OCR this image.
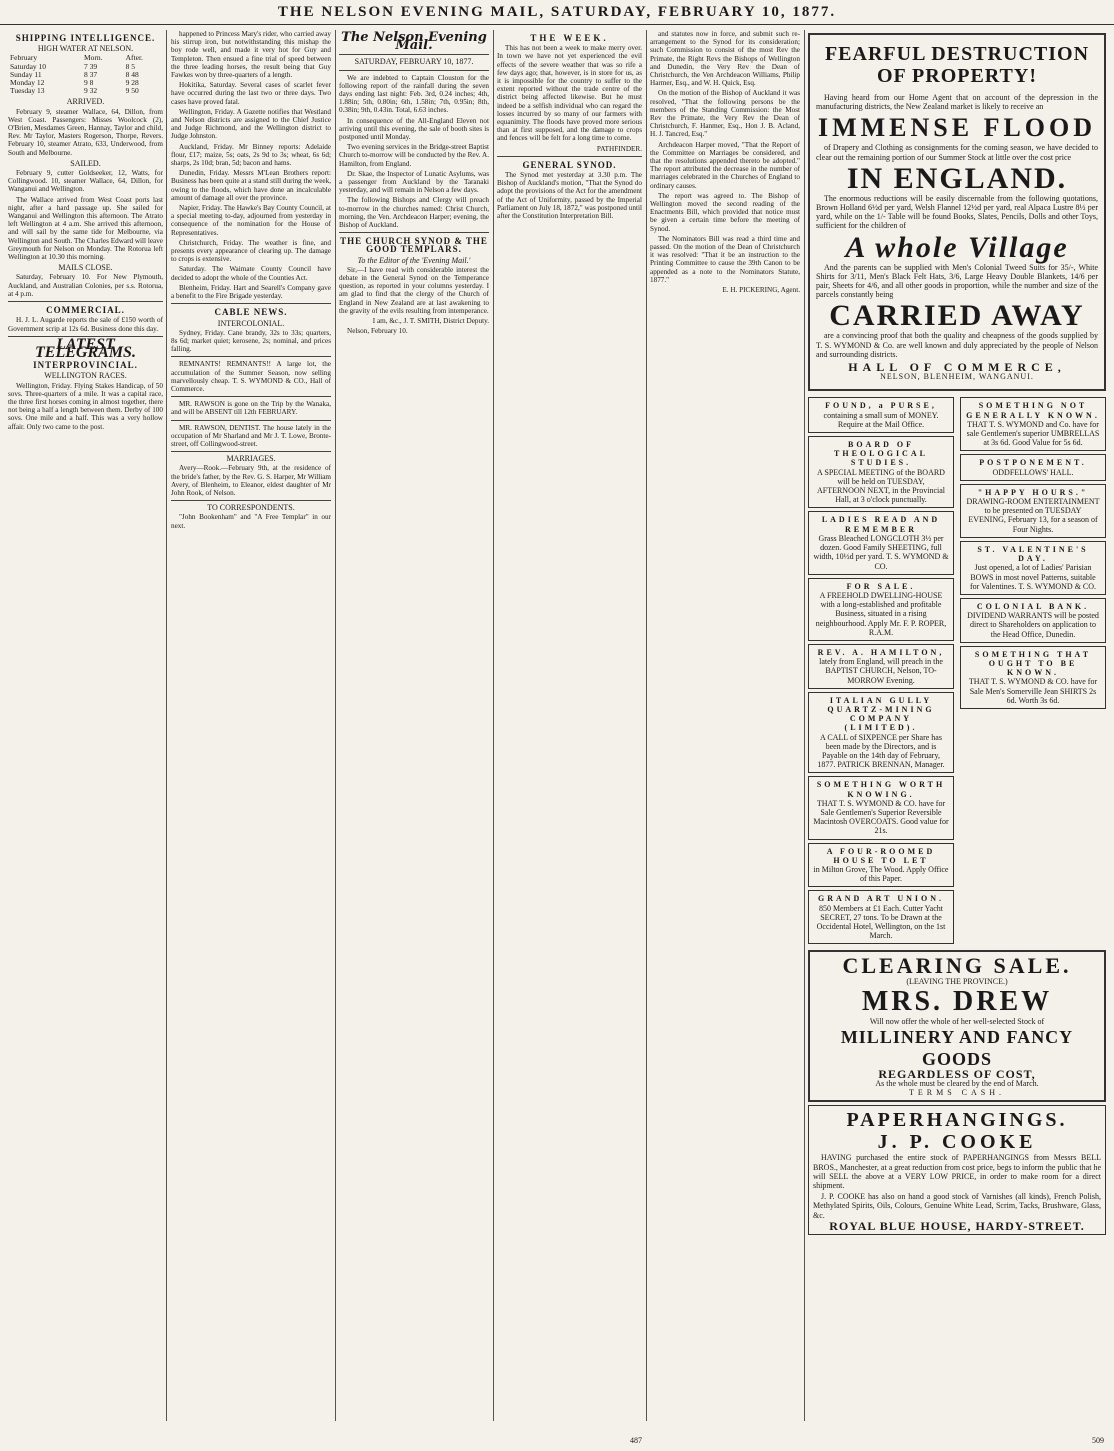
THE NELSON EVENING MAIL, SATURDAY, FEBRUARY 10, 1877.
SHIPPING INTELLIGENCE.
HIGH WATER AT NELSON.
February	Morn.	After.
Saturday 10	7 39	8 5
Sunday 11	8 37	8 48
Monday 12	9 8	9 28
Tuesday 13	9 32	9 50
ARRIVED.

February 9, steamer Wallace, 64, Dillon, from West Coast. Passengers: Misses Woolcock (2), O'Brien, Mesdames Green, Hannay, Taylor and child, Rev. Mr Taylor, Masters Rogerson, Thorpe, Revers. February 10, steamer Atrato, 633, Underwood, from South and Melbourne.

SAILED.

February 9, cutter Goldseeker, 12, Watts, for Collingwood. 10, steamer Wallace, 64, Dillon, for Wanganui and Wellington.

The Wallace arrived from West Coast ports last night, after a hard passage up. She sailed for Wanganui and Wellington this afternoon. The Atrato left Wellington at 4 a.m. She arrived this afternoon, and will sail by the same tide for Melbourne, via Wellington and South. The Charles Edward will leave Greymouth for Nelson on Monday. The Rotorua left Wellington at 10.30 this morning.

MAILS CLOSE.

Saturday, February 10. For New Plymouth, Auckland, and Australian Colonies, per s.s. Rotorua, at 4 p.m.

COMMERCIAL.

H. J. L. Augarde reports the sale of £150 worth of Government scrip at 12s 6d. Business done this day.

LATEST TELEGRAMS.
INTERPROVINCIAL.
WELLINGTON RACES.

Wellington, Friday. Flying Stakes Handicap, of 50 sovs. Three-quarters of a mile. It was a capital race, the three first horses coming in almost together, there not being a half a length between them. Derby of 100 sovs. One mile and a half. This was a very hollow affair. Only two came to the post.

happened to Princess Mary's rider, who carried away his stirrup iron, but notwithstanding this mishap the boy rode well, and made it very hot for Guy and Templeton. Then ensued a fine trial of speed between the three leading horses, the result being that Guy Fawkes won by three-quarters of a length.

Hokitika, Saturday. Several cases of scarlet fever have occurred during the last two or three days. Two cases have proved fatal.

Wellington, Friday. A Gazette notifies that Westland and Nelson districts are assigned to the Chief Justice and Judge Richmond, and the Wellington district to Judge Johnston.

Auckland, Friday. Mr Binney reports: Adelaide flour, £17; maize, 5s; oats, 2s 9d to 3s; wheat, 6s 6d; sharps, 2s 10d; bran, 5d; bacon and hams.

Dunedin, Friday. Messrs M'Lean Brothers report: Business has been quite at a stand still during the week, owing to the floods, which have done an incalculable amount of damage all over the province.

Napier, Friday. The Hawke's Bay County Council, at a special meeting to-day, adjourned from yesterday in consequence of the nomination for the House of Representatives.

Christchurch, Friday. The weather is fine, and presents every appearance of clearing up. The damage to crops is extensive.

Saturday. The Waimate County Council have decided to adopt the whole of the Counties Act.

Blenheim, Friday. Hart and Searell's Company gave a benefit to the Fire Brigade yesterday.

CABLE NEWS.
INTERCOLONIAL.

Sydney, Friday. Cane brandy, 32s to 33s; quarters, 8s 6d; market quiet; kerosene, 2s; nominal, and prices falling.

REMNANTS! REMNANTS!! A large lot, the accumulation of the Summer Season, now selling marvellously cheap. T. S. WYMOND & CO., Hall of Commerce.

MR. RAWSON is gone on the Trip by the Wanaka, and will be ABSENT till 12th FEBRUARY.

MR. RAWSON, DENTIST. The house lately in the occupation of Mr Sharland and Mr J. T. Lowe, Bronte-street, off Collingwood-street.

MARRIAGES.

Avery—Rook.—February 9th, at the residence of the bride's father, by the Rev. G. S. Harper, Mr William Avery, of Blenheim, to Eleanor, eldest daughter of Mr John Rook, of Nelson.

TO CORRESPONDENTS.

"John Bookenham" and "A Free Templar" in our next.

The Nelson Evening Mail.
SATURDAY, FEBRUARY 10, 1877.

We are indebted to Captain Clouston for the following report of the rainfall during the seven days ending last night: Feb. 3rd, 0.24 inches; 4th, 1.88in; 5th, 0.80in; 6th, 1.58in; 7th, 0.95in; 8th, 0.38in; 9th, 0.43in. Total, 6.63 inches.

In consequence of the All-England Eleven not arriving until this evening, the sale of booth sites is postponed until Monday.

Two evening services in the Bridge-street Baptist Church to-morrow will be conducted by the Rev. A. Hamilton, from England.

Dr. Skae, the Inspector of Lunatic Asylums, was a passenger from Auckland by the Taranaki yesterday, and will remain in Nelson a few days.

The following Bishops and Clergy will preach to-morrow in the churches named: Christ Church, morning, the Ven. Archdeacon Harper; evening, the Bishop of Auckland.

THE CHURCH SYNOD & THE GOOD TEMPLARS.
To the Editor of the 'Evening Mail.'

Sir,—I have read with considerable interest the debate in the General Synod on the Temperance question, as reported in your columns yesterday. I am glad to find that the clergy of the Church of England in New Zealand are at last awakening to the gravity of the evils resulting from intemperance.

I am, &c., J. T. SMITH, District Deputy.

Nelson, February 10.

THE WEEK.

This has not been a week to make merry over. In town we have not yet experienced the evil effects of the severe weather that was so rife a few days ago; that, however, is in store for us, as it is impossible for the country to suffer to the extent reported without the trade centre of the district being affected likewise. But he must indeed be a selfish individual who can regard the losses incurred by so many of our farmers with equanimity. The floods have proved more serious than at first supposed, and the damage to crops and fences will be felt for a long time to come.

PATHFINDER.

GENERAL SYNOD.

The Synod met yesterday at 3.30 p.m. The Bishop of Auckland's motion, "That the Synod do adopt the provisions of the Act for the amendment of the Act of Uniformity, passed by the Imperial Parliament on July 18, 1872," was postponed until after the Constitution Interpretation Bill.

and statutes now in force, and submit such re-arrangement to the Synod for its consideration; such Commission to consist of the most Rev the Primate, the Right Revs the Bishops of Wellington and Dunedin, the Very Rev the Dean of Christchurch, the Ven Archdeacon Williams, Philip Harmer, Esq., and W. H. Quick, Esq.

On the motion of the Bishop of Auckland it was resolved, "That the following persons be the members of the Standing Commission: the Most Rev the Primate, the Very Rev the Dean of Christchurch, F. Hanmer, Esq., Hon J. B. Acland, H. J. Tancred, Esq."

Archdeacon Harper moved, "That the Report of the Committee on Marriages be considered, and that the resolutions appended thereto be adopted." The report attributed the decrease in the number of marriages celebrated in the Churches of England to ordinary causes.

The report was agreed to. The Bishop of Wellington moved the second reading of the Enactments Bill, which provided that notice must be given a certain time before the meeting of Synod.

The Nominators Bill was read a third time and passed. On the motion of the Dean of Christchurch it was resolved: "That it be an instruction to the Printing Committee to cause the 39th Canon to be appended as a note to the Nominators Statute, 1877."

E. H. PICKERING, Agent.

FEARFUL DESTRUCTION
OF PROPERTY!

Having heard from our Home Agent that on account of the depression in the manufacturing districts, the New Zealand market is likely to receive an

IMMENSE FLOOD

of Drapery and Clothing as consignments for the coming season, we have decided to clear out the remaining portion of our Summer Stock at little over the cost price

IN ENGLAND.

The enormous reductions will be easily discernable from the following quotations, Brown Holland 6½d per yard, Welsh Flannel 12½d per yard, real Alpaca Lustre 8½ per yard, while on the 1/- Table will be found Books, Slates, Pencils, Dolls and other Toys, sufficient for the children of

A whole Village

And the parents can be supplied with Men's Colonial Tweed Suits for 35/-, White Shirts for 3/11, Men's Black Felt Hats, 3/6, Large Heavy Double Blankets, 14/6 per pair, Sheets for 4/6, and all other goods in proportion, while the number and size of the parcels constantly being

CARRIED AWAY

are a convincing proof that both the quality and cheapness of the goods supplied by T. S. WYMOND & Co. are well known and duly appreciated by the people of Nelson and surrounding districts.

HALL OF COMMERCE,
NELSON, BLENHEIM, WANGANUI.
FOUND, a PURSE,
containing a small sum of MONEY. Require at the Mail Office.
BOARD OF THEOLOGICAL STUDIES.
A SPECIAL MEETING of the BOARD will be held on TUESDAY, AFTERNOON NEXT, in the Provincial Hall, at 3 o'clock punctually.
LADIES READ AND REMEMBER
Grass Bleached LONGCLOTH 3½ per dozen. Good Family SHEETING, full width, 10½d per yard. T. S. WYMOND & CO.
FOR SALE.
A FREEHOLD DWELLING-HOUSE with a long-established and profitable Business, situated in a rising neighbourhood. Apply Mr. F. P. ROPER, R.A.M.
REV. A. HAMILTON,
lately from England, will preach in the BAPTIST CHURCH, Nelson, TO-MORROW Evening.
ITALIAN GULLY QUARTZ-MINING COMPANY (LIMITED).
A CALL of SIXPENCE per Share has been made by the Directors, and is Payable on the 14th day of February, 1877. PATRICK BRENNAN, Manager.
SOMETHING WORTH KNOWING.
THAT T. S. WYMOND & CO. have for Sale Gentlemen's Superior Reversible Macintosh OVERCOATS. Good value for 21s.
A FOUR-ROOMED HOUSE TO LET
in Milton Grove, The Wood. Apply Office of this Paper.
GRAND ART UNION.
850 Members at £1 Each. Cutter Yacht SECRET, 27 tons. To be Drawn at the Occidental Hotel, Wellington, on the 1st March.
SOMETHING NOT GENERALLY KNOWN.
THAT T. S. WYMOND and Co. have for sale Gentlemen's superior UMBRELLAS at 3s 6d. Good Value for 5s 6d.
POSTPONEMENT.
ODDFELLOWS' HALL.
"HAPPY HOURS."
DRAWING-ROOM ENTERTAINMENT to be presented on TUESDAY EVENING, February 13, for a season of Four Nights.
ST. VALENTINE'S DAY.
Just opened, a lot of Ladies' Parisian BOWS in most novel Patterns, suitable for Valentines. T. S. WYMOND & CO.
COLONIAL BANK.
DIVIDEND WARRANTS will be posted direct to Shareholders on application to the Head Office, Dunedin.
SOMETHING THAT OUGHT TO BE KNOWN.
THAT T. S. WYMOND & CO. have for Sale Men's Somerville Jean SHIRTS 2s 6d. Worth 3s 6d.
CLEARING SALE.
(LEAVING THE PROVINCE.)
MRS. DREW
Will now offer the whole of her well-selected Stock of
MILLINERY AND FANCY GOODS
REGARDLESS OF COST,
As the whole must be cleared by the end of March.
TERMS CASH.
PAPERHANGINGS.
J. P. COOKE

HAVING purchased the entire stock of PAPERHANGINGS from Messrs BELL BROS., Manchester, at a great reduction from cost price, begs to inform the public that he will SELL the above at a VERY LOW PRICE, in order to make room for a direct shipment.

J. P. COOKE has also on hand a good stock of Varnishes (all kinds), French Polish, Methylated Spirits, Oils, Colours, Genuine White Lead, Scrim, Tacks, Brushware, Glass, &c.

ROYAL BLUE HOUSE, HARDY-STREET.
487	509
